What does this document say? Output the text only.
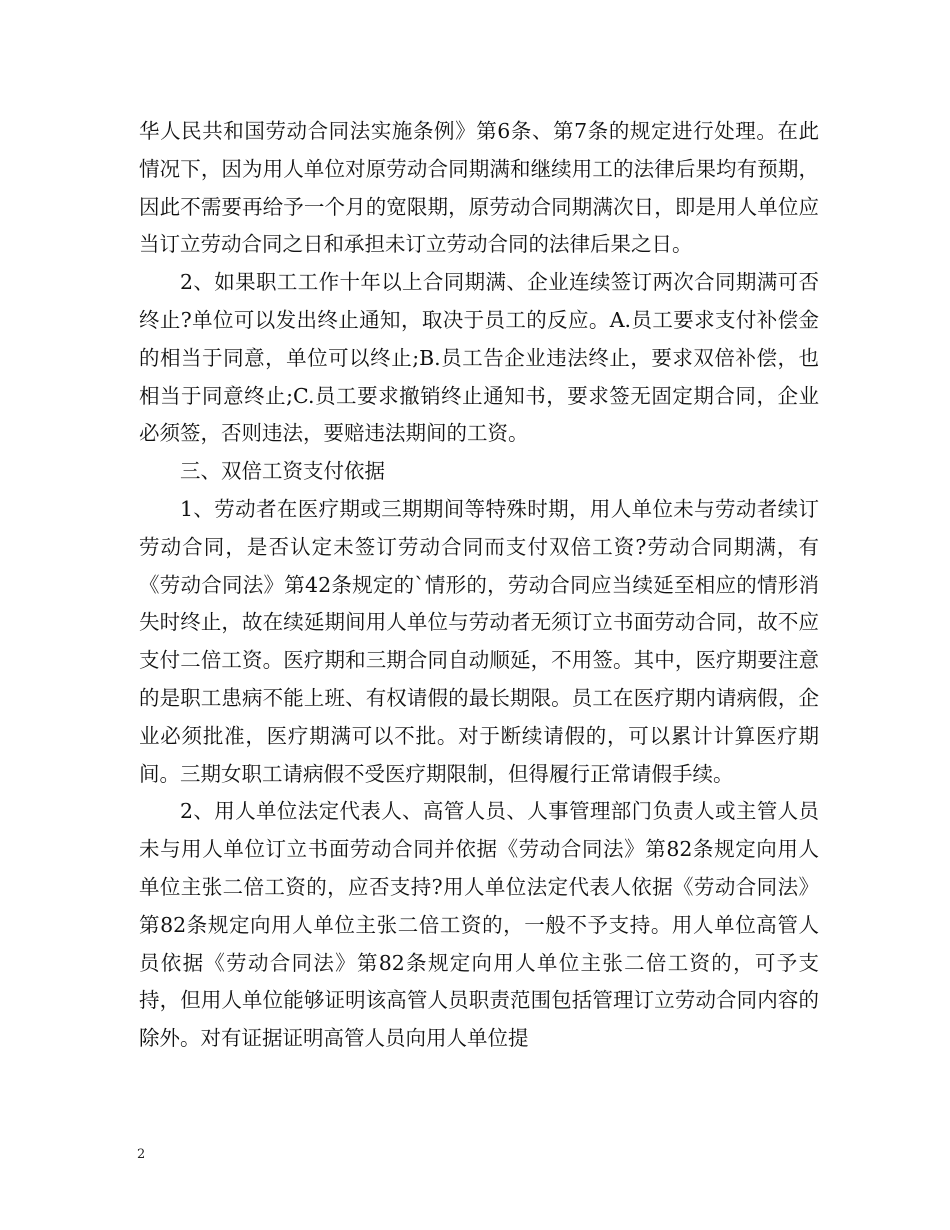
华人民共和国劳动合同法实施条例》第6条、第7条的规定进行处理。在此情况下，因为用人单位对原劳动合同期满和继续用工的法律后果均有预期，因此不需要再给予一个月的宽限期，原劳动合同期满次日，即是用人单位应当订立劳动合同之日和承担未订立劳动合同的法律后果之日。

2、如果职工工作十年以上合同期满、企业连续签订两次合同期满可否终止?单位可以发出终止通知，取决于员工的反应。A.员工要求支付补偿金的相当于同意，单位可以终止;B.员工告企业违法终止，要求双倍补偿，也相当于同意终止;C.员工要求撤销终止通知书，要求签无固定期合同，企业必须签，否则违法，要赔违法期间的工资。

三、双倍工资支付依据

1、劳动者在医疗期或三期期间等特殊时期，用人单位未与劳动者续订劳动合同，是否认定未签订劳动合同而支付双倍工资?劳动合同期满，有《劳动合同法》第42条规定的`情形的，劳动合同应当续延至相应的情形消失时终止，故在续延期间用人单位与劳动者无须订立书面劳动合同，故不应支付二倍工资。医疗期和三期合同自动顺延，不用签。其中，医疗期要注意的是职工患病不能上班、有权请假的最长期限。员工在医疗期内请病假，企业必须批准，医疗期满可以不批。对于断续请假的，可以累计计算医疗期间。三期女职工请病假不受医疗期限制，但得履行正常请假手续。

2、用人单位法定代表人、高管人员、人事管理部门负责人或主管人员未与用人单位订立书面劳动合同并依据《劳动合同法》第82条规定向用人单位主张二倍工资的，应否支持?用人单位法定代表人依据《劳动合同法》第82条规定向用人单位主张二倍工资的，一般不予支持。用人单位高管人员依据《劳动合同法》第82条规定向用人单位主张二倍工资的，可予支持，但用人单位能够证明该高管人员职责范围包括管理订立劳动合同内容的除外。对有证据证明高管人员向用人单位提

2
